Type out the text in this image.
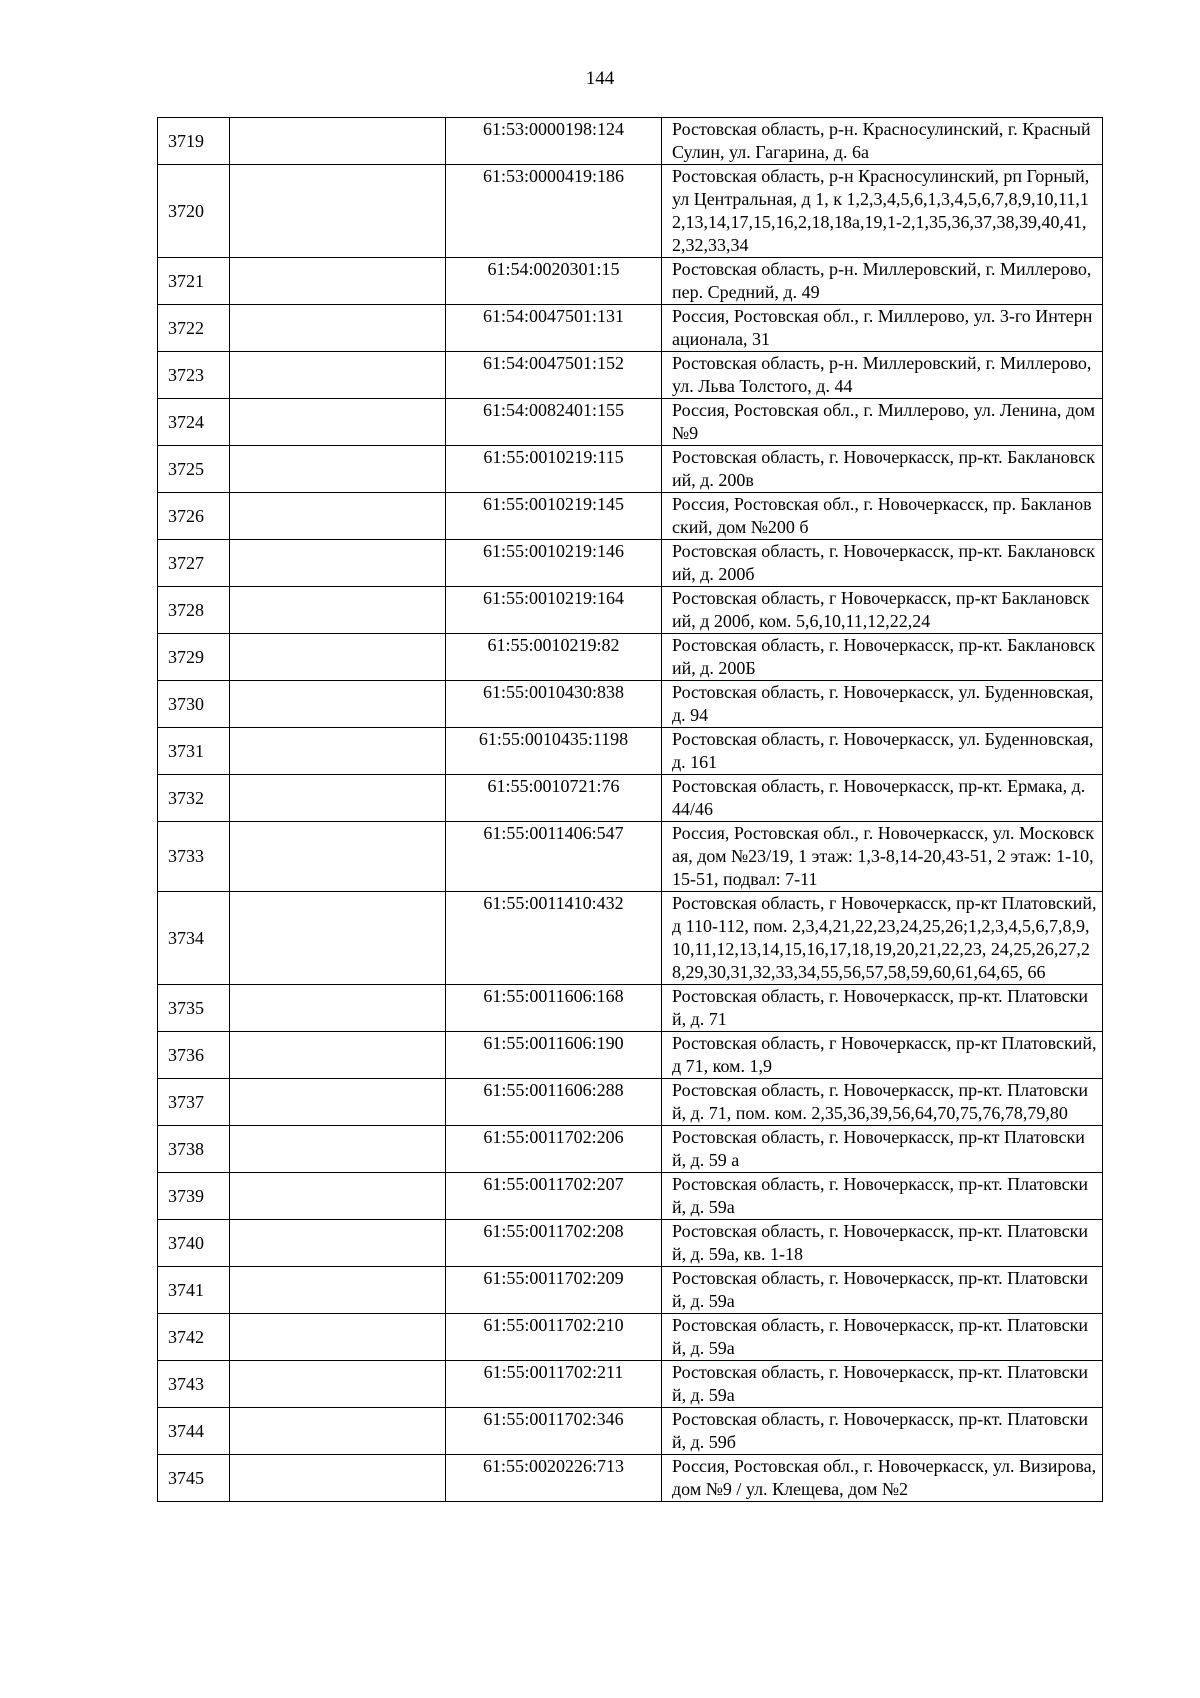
144
3719		61:53:0000198:124	Ростовская область, р-н. Красносулинский, г. Красный Сулин, ул. Гагарина, д. 6а
3720		61:53:0000419:186	Ростовская область, р-н Красносулинский, рп Горный, ул Центральная, д 1, к 1,2,3,4,5,6,1,3,4,5,6,7,8,9,10,11,12,13,14,17,15,16,2,18,18а,19,1-2,1,35,36,37,38,39,40,41,2,32,33,34
3721		61:54:0020301:15	Ростовская область, р-н. Миллеровский, г. Миллерово, пер. Средний, д. 49
3722		61:54:0047501:131	Россия, Ростовская обл., г. Миллерово, ул. 3-го Интернационала, 31
3723		61:54:0047501:152	Ростовская область, р-н. Миллеровский, г. Миллерово, ул. Льва Толстого, д. 44
3724		61:54:0082401:155	Россия, Ростовская обл., г. Миллерово, ул. Ленина, дом №9
3725		61:55:0010219:115	Ростовская область, г. Новочеркасск, пр-кт. Баклановский, д. 200в
3726		61:55:0010219:145	Россия, Ростовская обл., г. Новочеркасск, пр. Баклановский, дом №200 б
3727		61:55:0010219:146	Ростовская область, г. Новочеркасск, пр-кт. Баклановский, д. 200б
3728		61:55:0010219:164	Ростовская область, г Новочеркасск, пр-кт Баклановский, д 200б, ком. 5,6,10,11,12,22,24
3729		61:55:0010219:82	Ростовская область, г. Новочеркасск, пр-кт. Баклановский, д. 200Б
3730		61:55:0010430:838	Ростовская область, г. Новочеркасск, ул. Буденновская, д. 94
3731		61:55:0010435:1198	Ростовская область, г. Новочеркасск, ул. Буденновская, д. 161
3732		61:55:0010721:76	Ростовская область, г. Новочеркасск, пр-кт. Ермака, д. 44/46
3733		61:55:0011406:547	Россия, Ростовская обл., г. Новочеркасск, ул. Московская, дом №23/19, 1 этаж: 1,3-8,14-20,43-51, 2 этаж: 1-10,15-51, подвал: 7-11
3734		61:55:0011410:432	Ростовская область, г Новочеркасск, пр-кт Платовский, д 110-112, пом. 2,3,4,21,22,23,24,25,26;1,2,3,4,5,6,7,8,9,10,11,12,13,14,15,16,17,18,19,20,21,22,23, 24,25,26,27,28,29,30,31,32,33,34,55,56,57,58,59,60,61,64,65, 66
3735		61:55:0011606:168	Ростовская область, г. Новочеркасск, пр-кт. Платовский, д. 71
3736		61:55:0011606:190	Ростовская область, г Новочеркасск, пр-кт Платовский, д 71, ком. 1,9
3737		61:55:0011606:288	Ростовская область, г. Новочеркасск, пр-кт. Платовский, д. 71, пом. ком. 2,35,36,39,56,64,70,75,76,78,79,80
3738		61:55:0011702:206	Ростовская область, г. Новочеркасск, пр-кт Платовский, д. 59 а
3739		61:55:0011702:207	Ростовская область, г. Новочеркасск, пр-кт. Платовский, д. 59а
3740		61:55:0011702:208	Ростовская область, г. Новочеркасск, пр-кт. Платовский, д. 59а, кв. 1-18
3741		61:55:0011702:209	Ростовская область, г. Новочеркасск, пр-кт. Платовский, д. 59а
3742		61:55:0011702:210	Ростовская область, г. Новочеркасск, пр-кт. Платовский, д. 59а
3743		61:55:0011702:211	Ростовская область, г. Новочеркасск, пр-кт. Платовский, д. 59а
3744		61:55:0011702:346	Ростовская область, г. Новочеркасск, пр-кт. Платовский, д. 59б
3745		61:55:0020226:713	Россия, Ростовская обл., г. Новочеркасск, ул. Визирова, дом №9 / ул. Клещева, дом №2
